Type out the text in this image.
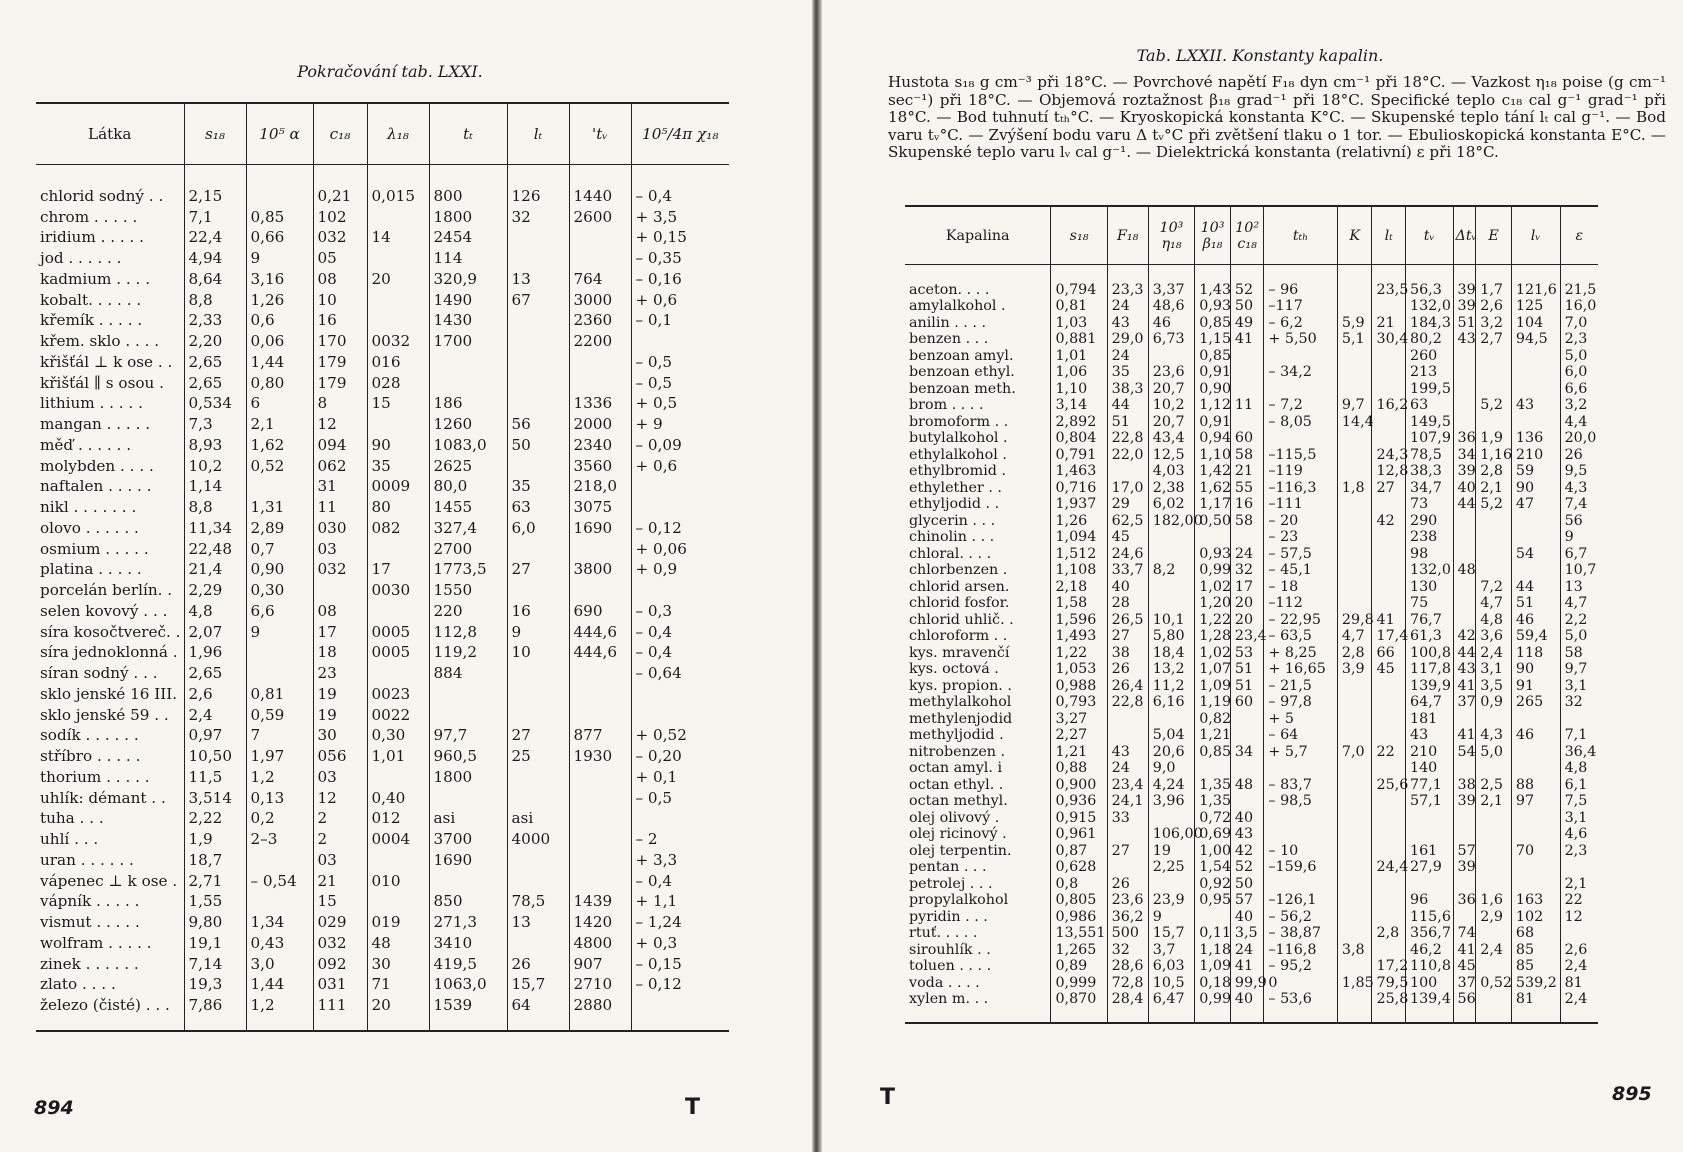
Pokračování tab. LXXI.
Látka	s₁₈	10⁵ α	c₁₈	λ₁₈	tₜ	lₜ	'tᵥ	10⁵/4π χ₁₈

chlorid sodný . .	2,15		0,21	0,015	800	126	1440	– 0,4
chrom . . . . .	7,1	0,85	102		1800	32	2600	+ 3,5
iridium . . . . .	22,4	0,66	032	14	2454			+ 0,15
jod . . . . . .	4,94	9	05		114			– 0,35
kadmium . . . .	8,64	3,16	08	20	320,9	13	764	– 0,16
kobalt. . . . . .	8,8	1,26	10		1490	67	3000	+ 0,6
křemík . . . . .	2,33	0,6	16		1430		2360	– 0,1
křem. sklo . . . .	2,20	0,06	170	0032	1700		2200	
křišťál ⊥ k ose . .	2,65	1,44	179	016				– 0,5
křišťál ∥ s osou .	2,65	0,80	179	028				– 0,5
lithium . . . . .	0,534	6	8	15	186		1336	+ 0,5
mangan . . . . .	7,3	2,1	12		1260	56	2000	+ 9
měď . . . . . .	8,93	1,62	094	90	1083,0	50	2340	– 0,09
molybden . . . .	10,2	0,52	062	35	2625		3560	+ 0,6
naftalen . . . . .	1,14		31	0009	80,0	35	218,0	
nikl . . . . . . .	8,8	1,31	11	80	1455	63	3075	
olovo . . . . . .	11,34	2,89	030	082	327,4	6,0	1690	– 0,12
osmium . . . . .	22,48	0,7	03		2700			+ 0,06
platina . . . . .	21,4	0,90	032	17	1773,5	27	3800	+ 0,9
porcelán berlín. .	2,29	0,30		0030	1550			
selen kovový . . .	4,8	6,6	08		220	16	690	– 0,3
síra kosočtvereč. .	2,07	9	17	0005	112,8	9	444,6	– 0,4
síra jednoklonná .	1,96		18	0005	119,2	10	444,6	– 0,4
síran sodný . . .	2,65		23		884			– 0,64
sklo jenské 16 III.	2,6	0,81	19	0023				
sklo jenské 59 . .	2,4	0,59	19	0022				
sodík . . . . . .	0,97	7	30	0,30	97,7	27	877	+ 0,52
stříbro . . . . .	10,50	1,97	056	1,01	960,5	25	1930	– 0,20
thorium . . . . .	11,5	1,2	03		1800			+ 0,1
uhlík: démant . .	3,514	0,13	12	0,40				– 0,5
tuha . . .	2,22	0,2	2	012	asi	asi		
uhlí . . .	1,9	2–3	2	0004	3700	4000		– 2
uran . . . . . .	18,7		03		1690			+ 3,3
vápenec ⊥ k ose .	2,71	– 0,54	21	010				– 0,4
vápník . . . . .	1,55		15		850	78,5	1439	+ 1,1
vismut . . . . .	9,80	1,34	029	019	271,3	13	1420	– 1,24
wolfram . . . . .	19,1	0,43	032	48	3410		4800	+ 0,3
zinek . . . . . .	7,14	3,0	092	30	419,5	26	907	– 0,15
zlato . . . .	19,3	1,44	031	71	1063,0	15,7	2710	– 0,12
železo (čisté) . . .	7,86	1,2	111	20	1539	64	2880	
894	T
Tab. LXXII. Konstanty kapalin.
Hustota s₁₈ g cm⁻³ při 18°C. — Povrchové napětí F₁₈ dyn cm⁻¹ při 18°C. — Vazkost η₁₈ poise (g cm⁻¹ sec⁻¹) při 18°C. — Objemová roztažnost β₁₈ grad⁻¹ při 18°C. Specifické teplo c₁₈ cal g⁻¹ grad⁻¹ při 18°C. — Bod tuhnutí tₜₕ°C. — Kryoskopická konstanta K°C. — Skupenské teplo tání lₜ cal g⁻¹. — Bod varu tᵥ°C. — Zvýšení bodu varu Δ tᵥ°C při zvětšení tlaku o 1 tor. — Ebulioskopická konstanta E°C. — Skupenské teplo varu lᵥ cal g⁻¹. — Dielektrická konstanta (relativní) ε při 18°C.
Kapalina	s₁₈	F₁₈	10³ η₁₈	10³ β₁₈	10² c₁₈	tₜₕ	K	lₜ	tᵥ	Δtᵥ	E	lᵥ	ε

aceton. . . .	0,794	23,3	3,37	1,43	52	– 96		23,5	56,3	39	1,7	121,6	21,5
amylalkohol .	0,81	24	48,6	0,93	50	–117			132,0	39	2,6	125	16,0
anilin . . . .	1,03	43	46	0,85	49	– 6,2	5,9	21	184,3	51	3,2	104	7,0
benzen . . .	0,881	29,0	6,73	1,15	41	+ 5,50	5,1	30,4	80,2	43	2,7	94,5	2,3
benzoan amyl.	1,01	24		0,85					260				5,0
benzoan ethyl.	1,06	35	23,6	0,91		– 34,2			213				6,0
benzoan meth.	1,10	38,3	20,7	0,90					199,5				6,6
brom . . . .	3,14	44	10,2	1,12	11	– 7,2	9,7	16,2	63		5,2	43	3,2
bromoform . .	2,892	51	20,7	0,91		– 8,05	14,4		149,5				4,4
butylalkohol .	0,804	22,8	43,4	0,94	60				107,9	36	1,9	136	20,0
ethylalkohol .	0,791	22,0	12,5	1,10	58	–115,5		24,3	78,5	34	1,16	210	26
ethylbromid .	1,463		4,03	1,42	21	–119		12,8	38,3	39	2,8	59	9,5
ethylether . .	0,716	17,0	2,38	1,62	55	–116,3	1,8	27	34,7	40	2,1	90	4,3
ethyljodid . .	1,937	29	6,02	1,17	16	–111			73	44	5,2	47	7,4
glycerin . . .	1,26	62,5	182,00	0,50	58	– 20		42	290				56
chinolin . . .	1,094	45				– 23			238				9
chloral. . . .	1,512	24,6		0,93	24	– 57,5			98			54	6,7
chlorbenzen .	1,108	33,7	8,2	0,99	32	– 45,1			132,0	48			10,7
chlorid arsen.	2,18	40		1,02	17	– 18			130		7,2	44	13
chlorid fosfor.	1,58	28		1,20	20	–112			75		4,7	51	4,7
chlorid uhlič. .	1,596	26,5	10,1	1,22	20	– 22,95	29,8	41	76,7		4,8	46	2,2
chloroform . .	1,493	27	5,80	1,28	23,4	– 63,5	4,7	17,4	61,3	42	3,6	59,4	5,0
kys. mravenčí	1,22	38	18,4	1,02	53	+ 8,25	2,8	66	100,8	44	2,4	118	58
kys. octová .	1,053	26	13,2	1,07	51	+ 16,65	3,9	45	117,8	43	3,1	90	9,7
kys. propion. .	0,988	26,4	11,2	1,09	51	– 21,5			139,9	41	3,5	91	3,1
methylalkohol	0,793	22,8	6,16	1,19	60	– 97,8			64,7	37	0,9	265	32
methylenjodid	3,27			0,82		+ 5			181				
methyljodid .	2,27		5,04	1,21		– 64			43	41	4,3	46	7,1
nitrobenzen .	1,21	43	20,6	0,85	34	+ 5,7	7,0	22	210	54	5,0		36,4
octan amyl. i	0,88	24	9,0						140				4,8
octan ethyl. .	0,900	23,4	4,24	1,35	48	– 83,7		25,6	77,1	38	2,5	88	6,1
octan methyl.	0,936	24,1	3,96	1,35		– 98,5			57,1	39	2,1	97	7,5
olej olivový .	0,915	33		0,72	40								3,1
olej ricinový .	0,961		106,00	0,69	43								4,6
olej terpentin.	0,87	27	19	1,00	42	– 10			161	57		70	2,3
pentan . . .	0,628		2,25	1,54	52	–159,6		24,4	27,9	39			
petrolej . . .	0,8	26		0,92	50								2,1
propylalkohol	0,805	23,6	23,9	0,95	57	–126,1			96	36	1,6	163	22
pyridin . . .	0,986	36,2	9		40	– 56,2			115,6		2,9	102	12
rtuť. . . . .	13,551	500	15,7	0,11	3,5	– 38,87		2,8	356,7	74		68	
sirouhlík . .	1,265	32	3,7	1,18	24	–116,8	3,8		46,2	41	2,4	85	2,6
toluen . . . .	0,89	28,6	6,03	1,09	41	– 95,2		17,2	110,8	45		85	2,4
voda . . . .	0,999	72,8	10,5	0,18	99,9	0	1,85	79,5	100	37	0,52	539,2	81
xylen m. . .	0,870	28,4	6,47	0,99	40	– 53,6		25,8	139,4	56		81	2,4
T	895
